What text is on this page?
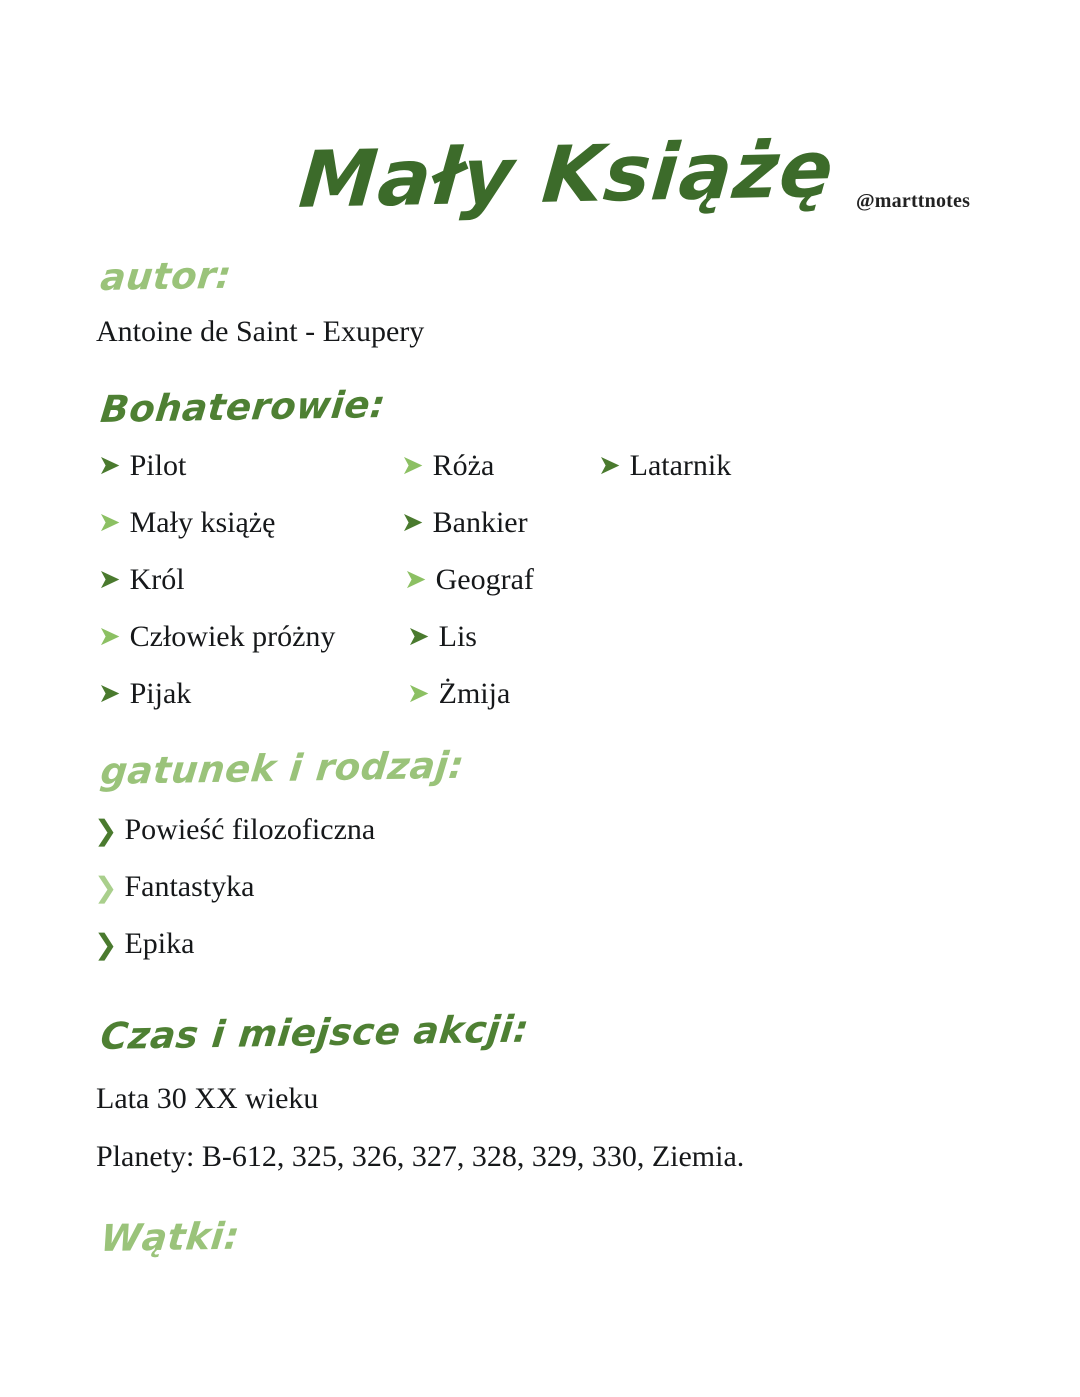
Mały Książę @marttnotes
autor:
Antoine de Saint - Exupery
Bohaterowie:
➤ Pilot
➤ Mały książę
➤ Król
➤ Człowiek próżny
➤ Pijak
➤ Róża
➤ Bankier
➤ Geograf
➤ Lis
➤ Żmija
➤ Latarnik
gatunek i rodzaj:
❯ Powieść filozoficzna
❯ Fantastyka
❯ Epika
Czas i miejsce akcji:
Lata 30 XX wieku
Planety: B-612, 325, 326, 327, 328, 329, 330, Ziemia.
Wątki:
